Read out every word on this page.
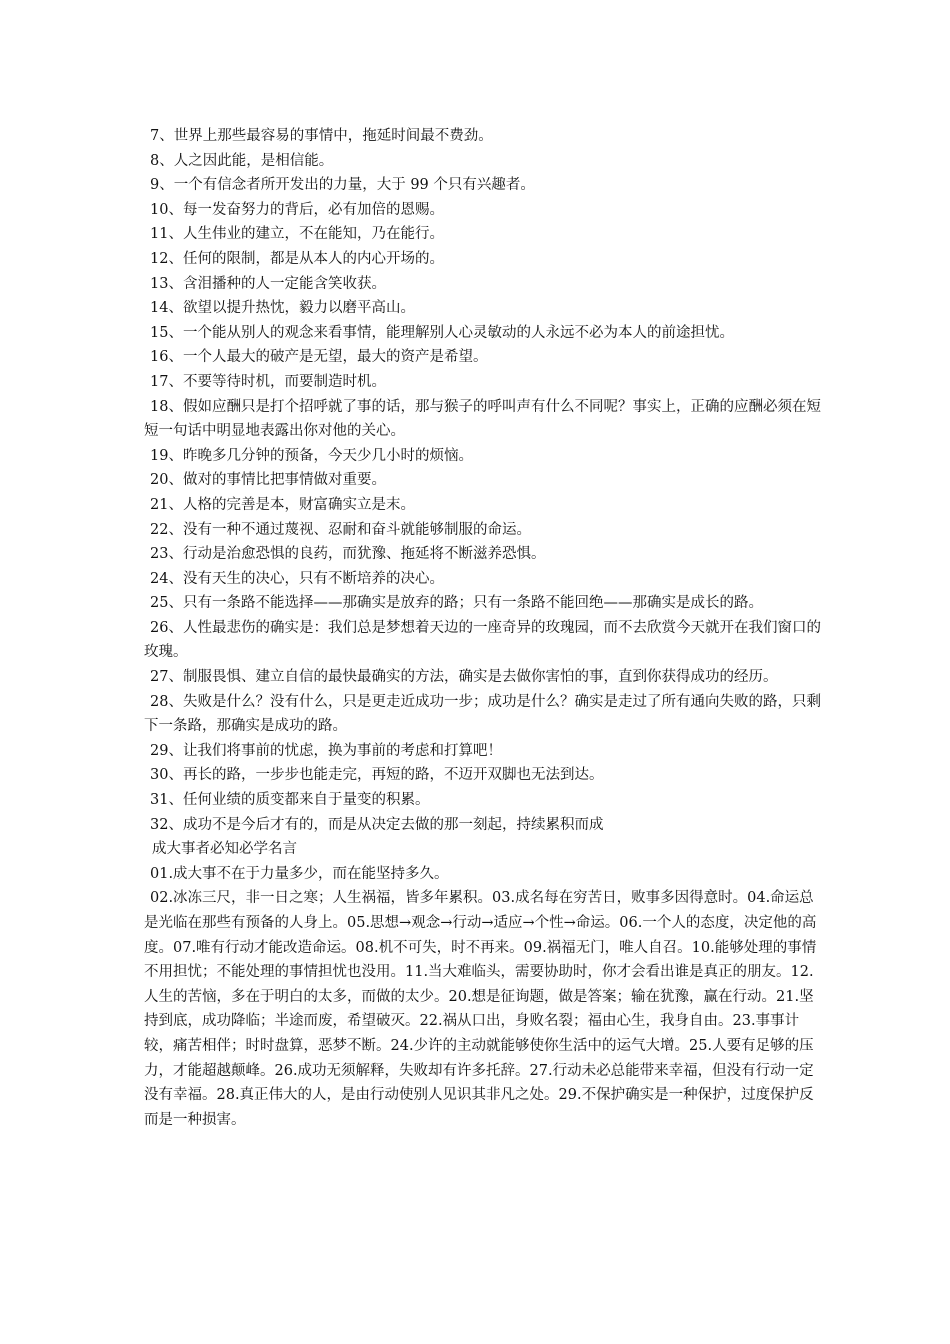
7、世界上那些最容易的事情中，拖延时间最不费劲。

8、人之因此能，是相信能。

9、一个有信念者所开发出的力量，大于 99 个只有兴趣者。

10、每一发奋努力的背后，必有加倍的恩赐。

11、人生伟业的建立，不在能知，乃在能行。

12、任何的限制，都是从本人的内心开场的。

13、含泪播种的人一定能含笑收获。

14、欲望以提升热忱，毅力以磨平高山。

15、一个能从别人的观念来看事情，能理解别人心灵敏动的人永远不必为本人的前途担忧。

16、一个人最大的破产是无望，最大的资产是希望。

17、不要等待时机，而要制造时机。

18、假如应酬只是打个招呼就了事的话，那与猴子的呼叫声有什么不同呢？事实上，正确的应酬必须在短短一句话中明显地表露出你对他的关心。

19、昨晚多几分钟的预备，今天少几小时的烦恼。

20、做对的事情比把事情做对重要。

21、人格的完善是本，财富确实立是末。

22、没有一种不通过蔑视、忍耐和奋斗就能够制服的命运。

23、行动是治愈恐惧的良药，而犹豫、拖延将不断滋养恐惧。

24、没有天生的决心，只有不断培养的决心。

25、只有一条路不能选择——那确实是放弃的路；只有一条路不能回绝——那确实是成长的路。

26、人性最悲伤的确实是：我们总是梦想着天边的一座奇异的玫瑰园，而不去欣赏今天就开在我们窗口的玫瑰。

27、制服畏惧、建立自信的最快最确实的方法，确实是去做你害怕的事，直到你获得成功的经历。

28、失败是什么？没有什么，只是更走近成功一步；成功是什么？确实是走过了所有通向失败的路，只剩下一条路，那确实是成功的路。

29、让我们将事前的忧虑，换为事前的考虑和打算吧！

30、再长的路，一步步也能走完，再短的路，不迈开双脚也无法到达。

31、任何业绩的质变都来自于量变的积累。

32、成功不是今后才有的，而是从决定去做的那一刻起，持续累积而成

成大事者必知必学名言

01.成大事不在于力量多少，而在能坚持多久。

02.冰冻三尺，非一日之寒；人生祸福，皆多年累积。03.成名每在穷苦日，败事多因得意时。04.命运总是光临在那些有预备的人身上。05.思想→观念→行动→适应→个性→命运。06.一个人的态度，决定他的高度。07.唯有行动才能改造命运。08.机不可失，时不再来。09.祸福无门，唯人自召。10.能够处理的事情不用担忧；不能处理的事情担忧也没用。11.当大难临头，需要协助时，你才会看出谁是真正的朋友。12.人生的苦恼，多在于明白的太多，而做的太少。20.想是征询题，做是答案；输在犹豫，赢在行动。21.坚持到底，成功降临；半途而废，希望破灭。22.祸从口出，身败名裂；福由心生，我身自由。23.事事计较，痛苦相伴；时时盘算，恶梦不断。24.少许的主动就能够使你生活中的运气大增。25.人要有足够的压力，才能超越颠峰。26.成功无须解释，失败却有许多托辞。27.行动未必总能带来幸福，但没有行动一定没有幸福。28.真正伟大的人，是由行动使别人见识其非凡之处。29.不保护确实是一种保护，过度保护反而是一种损害。
